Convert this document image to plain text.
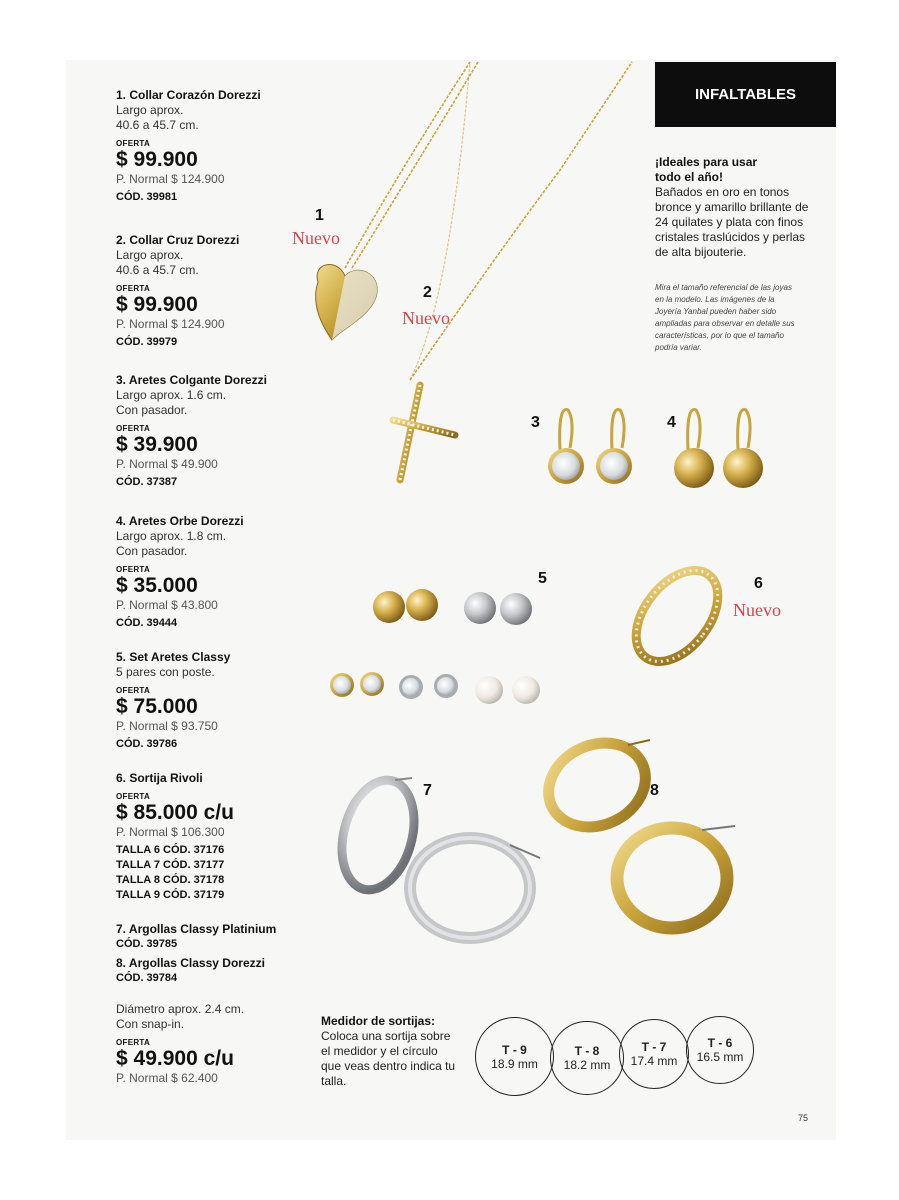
1. Collar Corazón Dorezzi
Largo aprox.
40.6 a 45.7 cm.
OFERTA
$ 99.900
P. Normal $ 124.900
CÓD. 39981
2. Collar Cruz Dorezzi
Largo aprox.
40.6 a 45.7 cm.
OFERTA
$ 99.900
P. Normal $ 124.900
CÓD. 39979
3. Aretes Colgante Dorezzi
Largo aprox. 1.6 cm.
Con pasador.
OFERTA
$ 39.900
P. Normal $ 49.900
CÓD. 37387
4. Aretes Orbe Dorezzi
Largo aprox. 1.8 cm.
Con pasador.
OFERTA
$ 35.000
P. Normal $ 43.800
CÓD. 39444
5. Set Aretes Classy
5 pares con poste.
OFERTA
$ 75.000
P. Normal $ 93.750
CÓD. 39786
6. Sortija Rivoli
OFERTA
$ 85.000 c/u
P. Normal $ 106.300
TALLA 6 CÓD. 37176
TALLA 7 CÓD. 37177
TALLA 8 CÓD. 37178
TALLA 9 CÓD. 37179
7. Argollas Classy Platinium
CÓD. 39785
8. Argollas Classy Dorezzi
CÓD. 39784
Diámetro aprox. 2.4 cm.
Con snap-in.
OFERTA
$ 49.900 c/u
P. Normal $ 62.400
INFALTABLES
¡Ideales para usar
todo el año!
Bañados en oro en tonos bronce y amarillo brillante de 24 quilates y plata con finos cristales traslúcidos y perlas de alta bijouterie.
Mira el tamaño referencial de las joyas en la modelo. Las imágenes de la Joyería Yanbal pueden haber sido ampliadas para observar en detalle sus características, por lo que el tamaño podría variar.
1
Nuevo
2
Nuevo
3	4
5	6
Nuevo
7	8
Medidor de sortijas:
Coloca una sortija sobre el medidor y el círculo que veas dentro indica tu talla.
T - 9
18.9 mm
T - 8
18.2 mm
T - 7
17.4 mm
T - 6
16.5 mm
75
